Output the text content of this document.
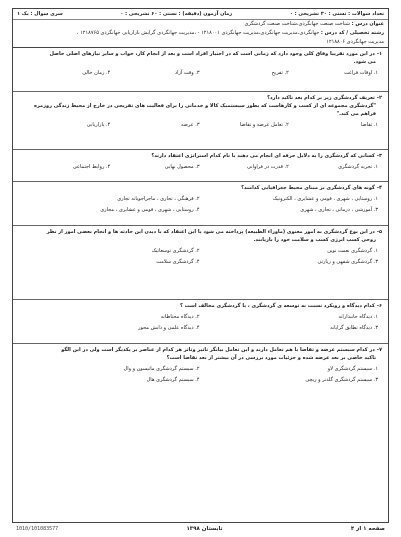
تعداد سوالات : تستی : ۳۰ تشریحی : ۰
زمان آزمون (دقیقه) : تستی : ۶۰ تشریحی : ۰
سری سوال : یک ۱
عنوان درس : شناخت صنعت جهانگردی،شناخت صنعت گردشگری
رشته تحصیلی / کد درس : جهانگردی،مدیریت جهانگردی،مدیریت جهانگردی ۱۲۱۸۰۰۱ - ،مدیریت جهانگردی گرایش بازاریابی جهانگردی ۱۲۱۸۷۶۵ ،
مدیریت جهانگردی ۱۲۱۸۸۰۶
۱-در این مورد تقریبا وفاق کلی وجود دارد که زمانی است که در اختیار افراد است و بعد از انجام کار، خواب و سایر نیازهای اصلی حاصل
می شود.
۱. اوقات فراغت
۲. تفریح
۳. وقت آزاد
۴. زمان خالی
۲-تعریف گردشگری زیر بر کدام بعد تاکید دارد؟
"گردشگری مجموعه ای از کسب و کارهاست که بطور سیستمیک کالا و خدماتی را برای فعالیت های تفریحی در خارج از محیط زندگی روزمره فراهم می کند."
۱. تقاضا
۲. تعامل عرضه و تقاضا
۳. عرضه
۴. بازاریابی
۳-کسانی که گردشگری را به دلایل حرفه ای انجام می دهند با نام کدام استراتژی اعتقاد دارند؟
۱. تجربه گردشگری
۲. قدرت در فراوانی
۳. محصول نهایی
۴. روابط اجتماعی
۴-گونه های گردشگری بر مبنای محیط جغرافیایی کدامند؟
۱. روستایی ، شهری ، فومی و عشایری ، الکترونیک
۲. فرهنگی ، تجاری ، ماجراجویانه تجاری
۳. آموزشی ، درمانی ، تجاری ، شهری
۴. روستایی ، شهری ، فومی و عشایری ، مجازی
۵-در این نوع گردشگری به امور معنوی (ماوراء الطبیعه) پرداخته می شود یا این اعتقاد که با دیدن این حادثه ها و انجام بعضی امور از نظر
روحی کسب انرژی کسب و سلامت خود را بازیابند.
۱. گردشگری نعمت نوین
۲. گردشگری توسعاتیک
۳. گردشگری شفهی و زیارتی
۴. گردشگری سلامت
۶-کدام دیدگاه و رویکرد نسبت به توسعه ی گردشگری ، با گردشگری مخالف است ؟
۱. دیدگاه جانبدارانه
۲. دیدگاه محتاطانه
۳. دیدگاه تطابق گرایانه
۴. دیدگاه علمی و دانش محور
۷-در کدام سیستم عرضه و تقاضا با هم تعامل دارند و این تعامل بیانگر تاثیر وتاثر هر کدام از عناصر بر یکدیگر است ولی در این الگو
تاکید خاصی بر بعد عرضه شده و جزئیات مورد بررسی در آن بیشتر از بعد تقاضا است؟
۱. سیستم گردشگری لاو
۲. سیستم گردشگری ماتیسون و وال
۳. سیستم گردشگری گلدنر و ریچی
۴. سیستم گردشگری هال
صفحه ۱ از ۴
تابستان ۱۳۹۸
1010/101083577
